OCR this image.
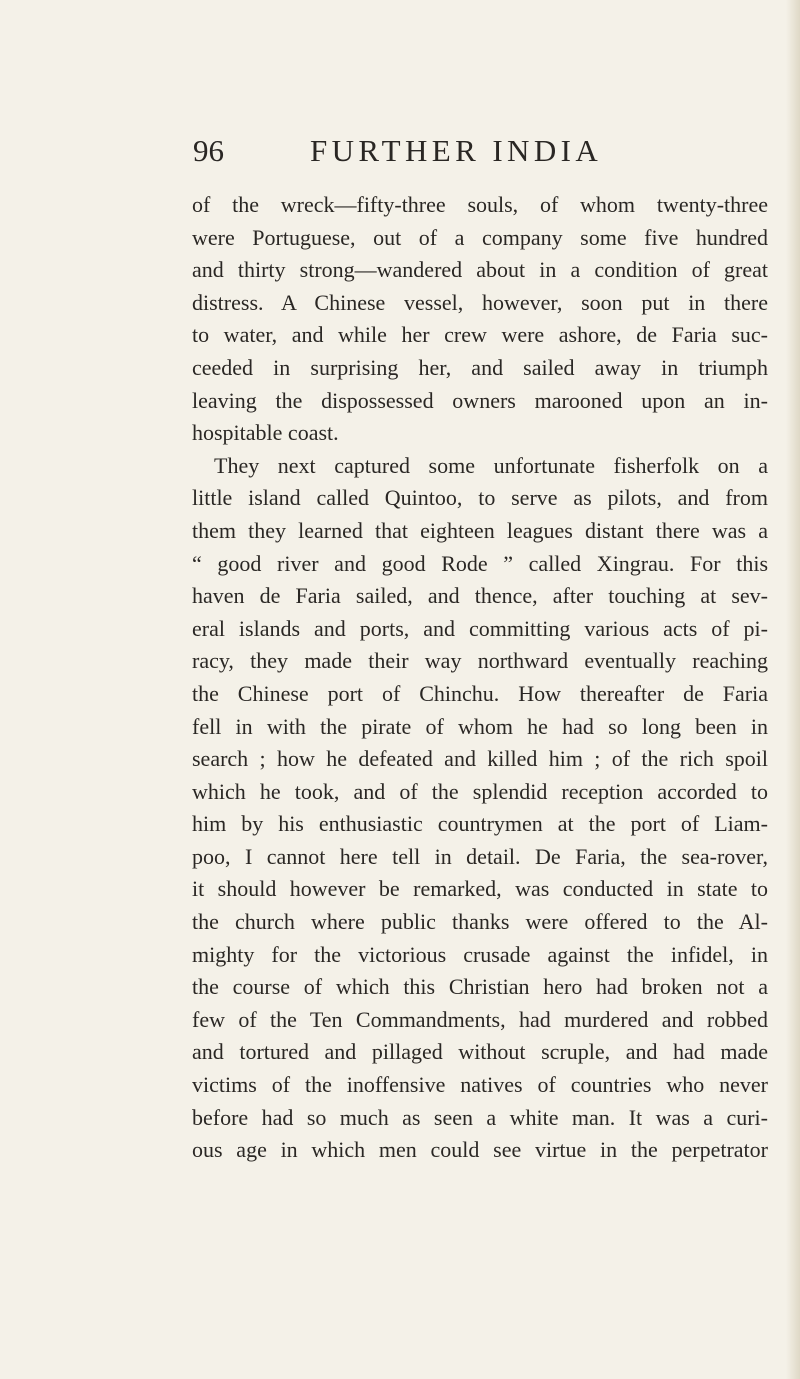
96	FURTHER INDIA
of the wreck—fifty-three souls, of whom twenty-three
were Portuguese, out of a company some five hundred
and thirty strong—wandered about in a condition of great
distress. A Chinese vessel, however, soon put in there
to water, and while her crew were ashore, de Faria suc-
ceeded in surprising her, and sailed away in triumph
leaving the dispossessed owners marooned upon an in-
hospitable coast.
They next captured some unfortunate fisherfolk on a
little island called Quintoo, to serve as pilots, and from
them they learned that eighteen leagues distant there was a
“ good river and good Rode ” called Xingrau. For this
haven de Faria sailed, and thence, after touching at sev-
eral islands and ports, and committing various acts of pi-
racy, they made their way northward eventually reaching
the Chinese port of Chinchu. How thereafter de Faria
fell in with the pirate of whom he had so long been in
search ; how he defeated and killed him ; of the rich spoil
which he took, and of the splendid reception accorded to
him by his enthusiastic countrymen at the port of Liam-
poo, I cannot here tell in detail. De Faria, the sea-rover,
it should however be remarked, was conducted in state to
the church where public thanks were offered to the Al-
mighty for the victorious crusade against the infidel, in
the course of which this Christian hero had broken not a
few of the Ten Commandments, had murdered and robbed
and tortured and pillaged without scruple, and had made
victims of the inoffensive natives of countries who never
before had so much as seen a white man. It was a curi-
ous age in which men could see virtue in the perpetrator
